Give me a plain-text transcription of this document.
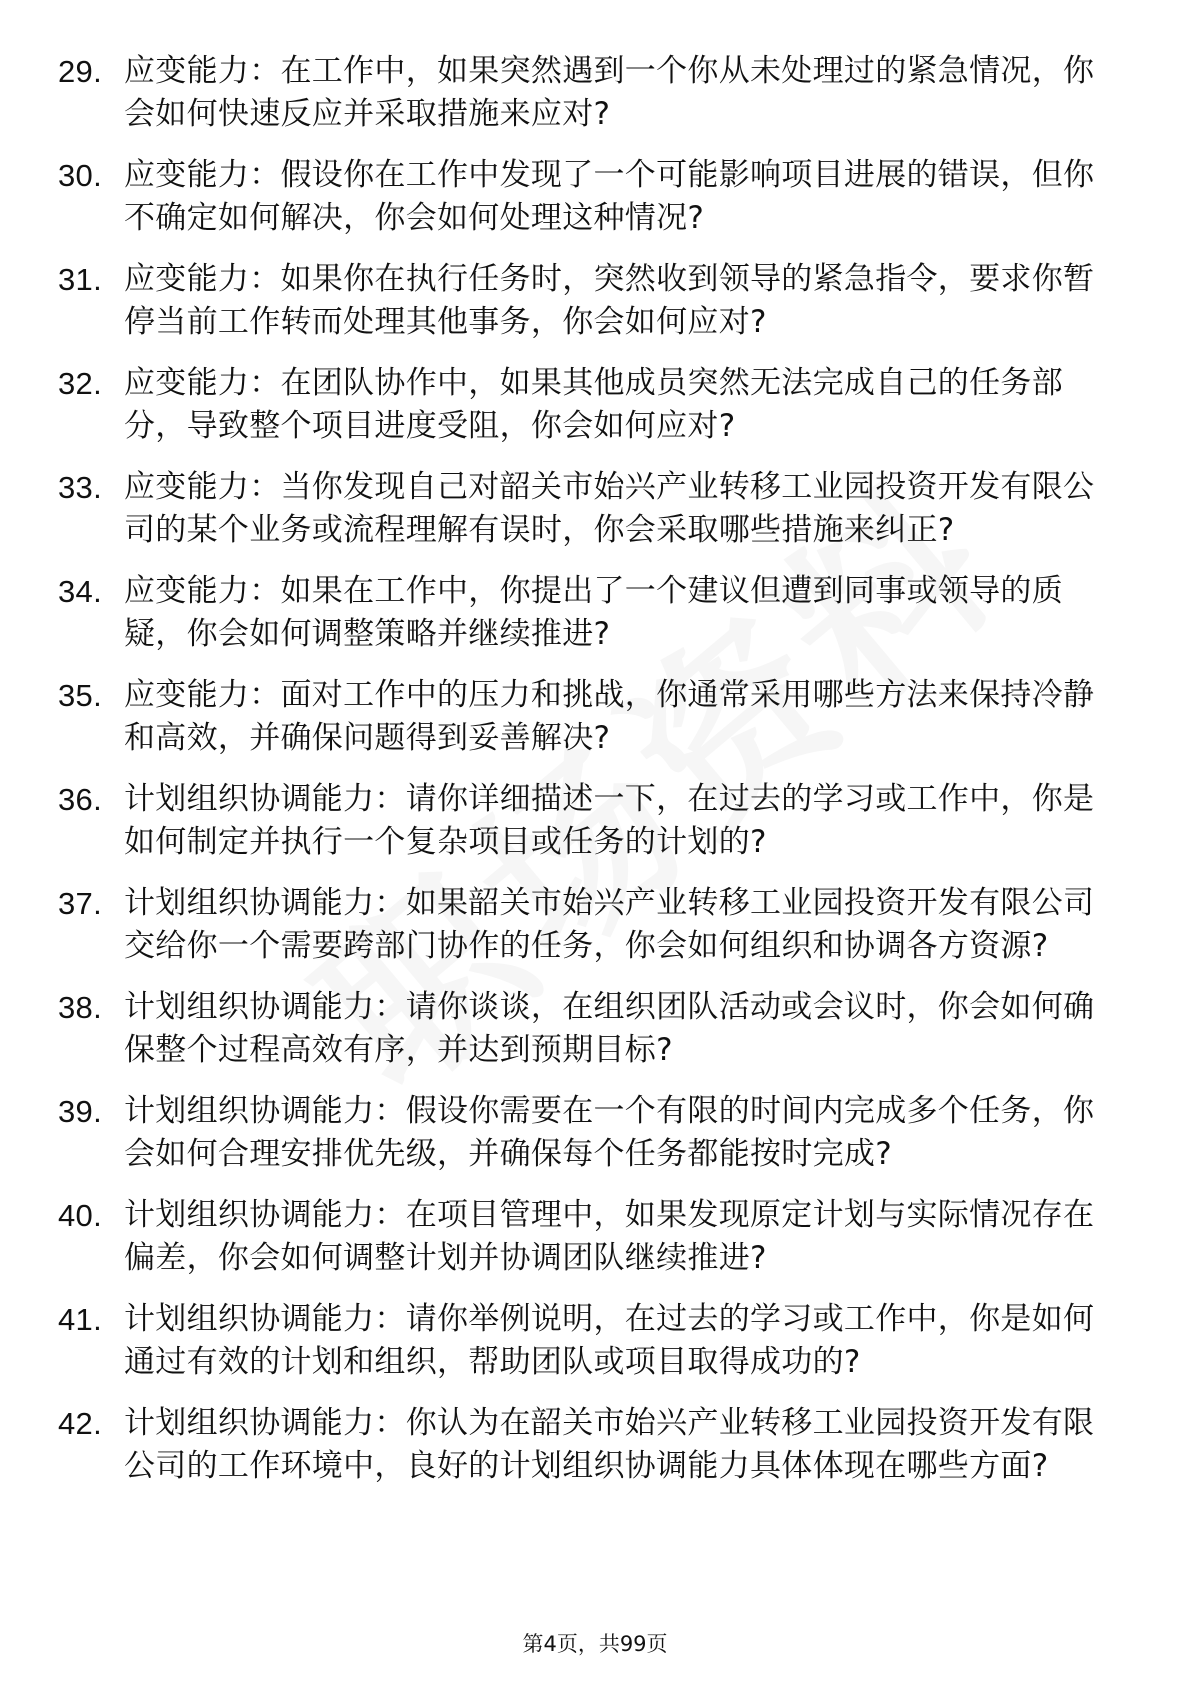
29. 应变能力：在工作中，如果突然遇到一个你从未处理过的紧急情况，你会如何快速反应并采取措施来应对?
30. 应变能力：假设你在工作中发现了一个可能影响项目进展的错误，但你不确定如何解决，你会如何处理这种情况?
31. 应变能力：如果你在执行任务时，突然收到领导的紧急指令，要求你暂停当前工作转而处理其他事务，你会如何应对?
32. 应变能力：在团队协作中，如果其他成员突然无法完成自己的任务部分，导致整个项目进度受阻，你会如何应对?
33. 应变能力：当你发现自己对韶关市始兴产业转移工业园投资开发有限公司的某个业务或流程理解有误时，你会采取哪些措施来纠正?
34. 应变能力：如果在工作中，你提出了一个建议但遭到同事或领导的质疑，你会如何调整策略并继续推进?
35. 应变能力：面对工作中的压力和挑战，你通常采用哪些方法来保持冷静和高效，并确保问题得到妥善解决?
36. 计划组织协调能力：请你详细描述一下，在过去的学习或工作中，你是如何制定并执行一个复杂项目或任务的计划的?
37. 计划组织协调能力：如果韶关市始兴产业转移工业园投资开发有限公司交给你一个需要跨部门协作的任务，你会如何组织和协调各方资源?
38. 计划组织协调能力：请你谈谈，在组织团队活动或会议时，你会如何确保整个过程高效有序，并达到预期目标?
39. 计划组织协调能力：假设你需要在一个有限的时间内完成多个任务，你会如何合理安排优先级，并确保每个任务都能按时完成?
40. 计划组织协调能力：在项目管理中，如果发现原定计划与实际情况存在偏差，你会如何调整计划并协调团队继续推进?
41. 计划组织协调能力：请你举例说明，在过去的学习或工作中，你是如何通过有效的计划和组织，帮助团队或项目取得成功的?
42. 计划组织协调能力：你认为在韶关市始兴产业转移工业园投资开发有限公司的工作环境中，良好的计划组织协调能力具体体现在哪些方面?
第4页，共99页
